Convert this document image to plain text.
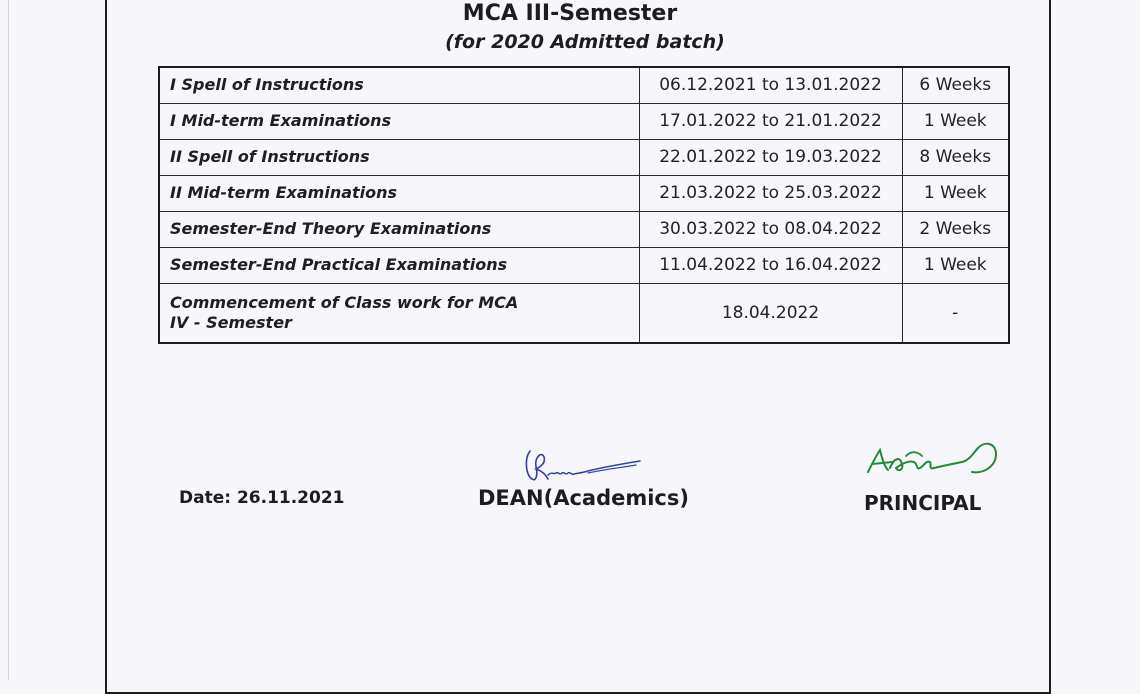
MCA III-Semester
(for 2020 Admitted batch)
I Spell of Instructions	06.12.2021 to 13.01.2022	6 Weeks
I Mid-term Examinations	17.01.2022 to 21.01.2022	1 Week
II Spell of Instructions	22.01.2022 to 19.03.2022	8 Weeks
II Mid-term Examinations	21.03.2022 to 25.03.2022	1 Week
Semester-End Theory Examinations	30.03.2022 to 08.04.2022	2 Weeks
Semester-End Practical Examinations	11.04.2022 to 16.04.2022	1 Week

Commencement of Class work for MCA
IV - Semester	18.04.2022	-
Date: 26.11.2021	DEAN(Academics)	PRINCIPAL
